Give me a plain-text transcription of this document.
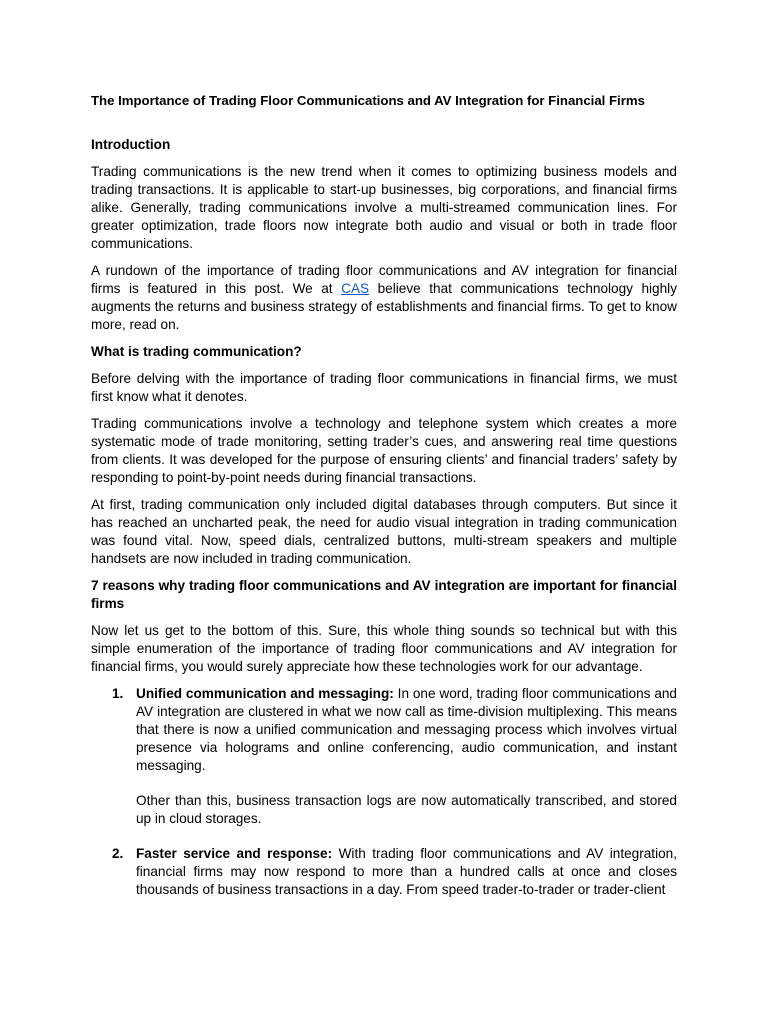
The Importance of Trading Floor Communications and AV Integration for Financial Firms
Introduction

Trading communications is the new trend when it comes to optimizing business models and trading transactions. It is applicable to start-up businesses, big corporations, and financial firms alike. Generally, trading communications involve a multi-streamed communication lines. For greater optimization, trade floors now integrate both audio and visual or both in trade floor communications.

A rundown of the importance of trading floor communications and AV integration for financial firms is featured in this post. We at CAS believe that communications technology highly augments the returns and business strategy of establishments and financial firms. To get to know more, read on.

What is trading communication?

Before delving with the importance of trading floor communications in financial firms, we must first know what it denotes.

Trading communications involve a technology and telephone system which creates a more systematic mode of trade monitoring, setting trader’s cues, and answering real time questions from clients. It was developed for the purpose of ensuring clients’ and financial traders’ safety by responding to point-by-point needs during financial transactions.

At first, trading communication only included digital databases through computers. But since it has reached an uncharted peak, the need for audio visual integration in trading communication was found vital. Now, speed dials, centralized buttons, multi-stream speakers and multiple handsets are now included in trading communication.

7 reasons why trading floor communications and AV integration are important for financial firms

Now let us get to the bottom of this. Sure, this whole thing sounds so technical but with this simple enumeration of the importance of trading floor communications and AV integration for financial firms, you would surely appreciate how these technologies work for our advantage.

1. Unified communication and messaging: In one word, trading floor communications and AV integration are clustered in what we now call as time-division multiplexing. This means that there is now a unified communication and messaging process which involves virtual presence via holograms and online conferencing, audio communication, and instant messaging.

Other than this, business transaction logs are now automatically transcribed, and stored up in cloud storages.

2. Faster service and response: With trading floor communications and AV integration, financial firms may now respond to more than a hundred calls at once and closes thousands of business transactions in a day. From speed trader-to-trader or trader-client
